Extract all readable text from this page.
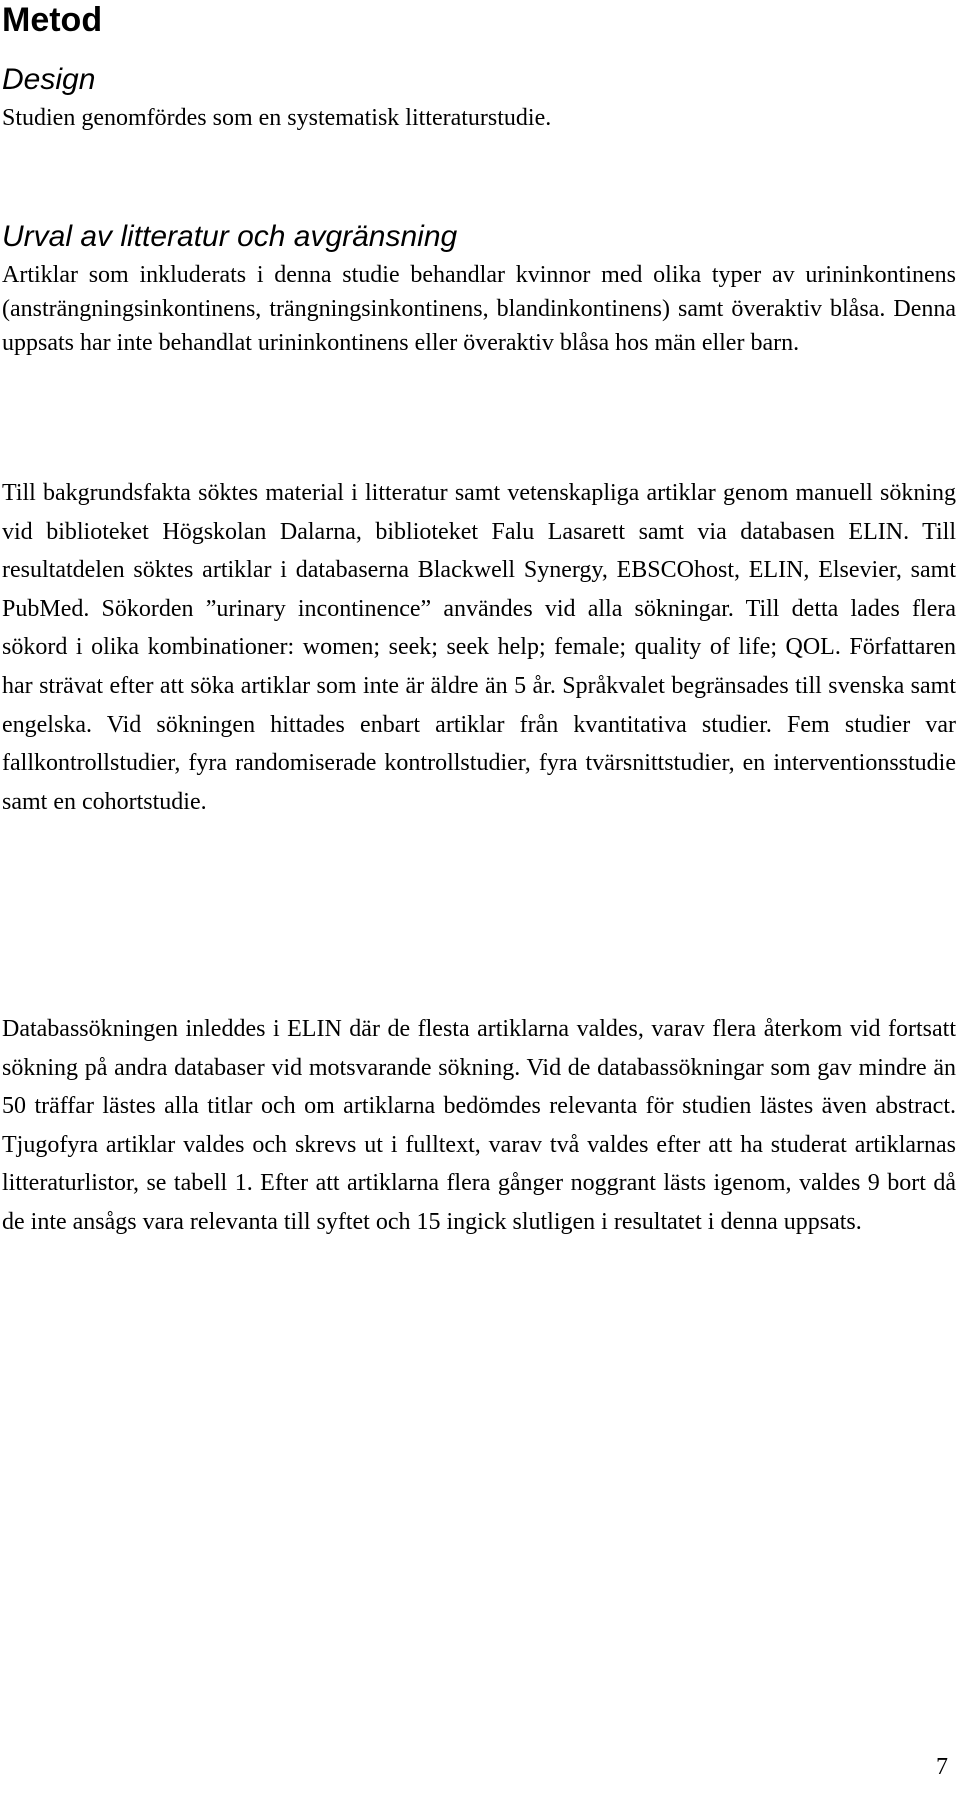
Metod
Design

Studien genomfördes som en systematisk litteraturstudie.

Urval av litteratur och avgränsning

Artiklar som inkluderats i denna studie behandlar kvinnor med olika typer av urininkontinens (ansträngningsinkontinens, trängningsinkontinens, blandinkontinens) samt överaktiv blåsa. Denna uppsats har inte behandlat urininkontinens eller överaktiv blåsa hos män eller barn.

Till bakgrundsfakta söktes material i litteratur samt vetenskapliga artiklar genom manuell sökning vid biblioteket Högskolan Dalarna, biblioteket Falu Lasarett samt via databasen ELIN. Till resultatdelen söktes artiklar i databaserna Blackwell Synergy, EBSCOhost, ELIN, Elsevier, samt PubMed. Sökorden ”urinary incontinence” användes vid alla sökningar. Till detta lades flera sökord i olika kombinationer: women; seek; seek help; female; quality of life; QOL. Författaren har strävat efter att söka artiklar som inte är äldre än 5 år. Språkvalet begränsades till svenska samt engelska. Vid sökningen hittades enbart artiklar från kvantitativa studier. Fem studier var fallkontrollstudier, fyra randomiserade kontrollstudier, fyra tvärsnittstudier, en interventionsstudie samt en cohortstudie.

Databassökningen inleddes i ELIN där de flesta artiklarna valdes, varav flera återkom vid fortsatt sökning på andra databaser vid motsvarande sökning. Vid de databassökningar som gav mindre än 50 träffar lästes alla titlar och om artiklarna bedömdes relevanta för studien lästes även abstract. Tjugofyra artiklar valdes och skrevs ut i fulltext, varav två valdes efter att ha studerat artiklarnas litteraturlistor, se tabell 1. Efter att artiklarna flera gånger noggrant lästs igenom, valdes 9 bort då de inte ansågs vara relevanta till syftet och 15 ingick slutligen i resultatet i denna uppsats.

7
